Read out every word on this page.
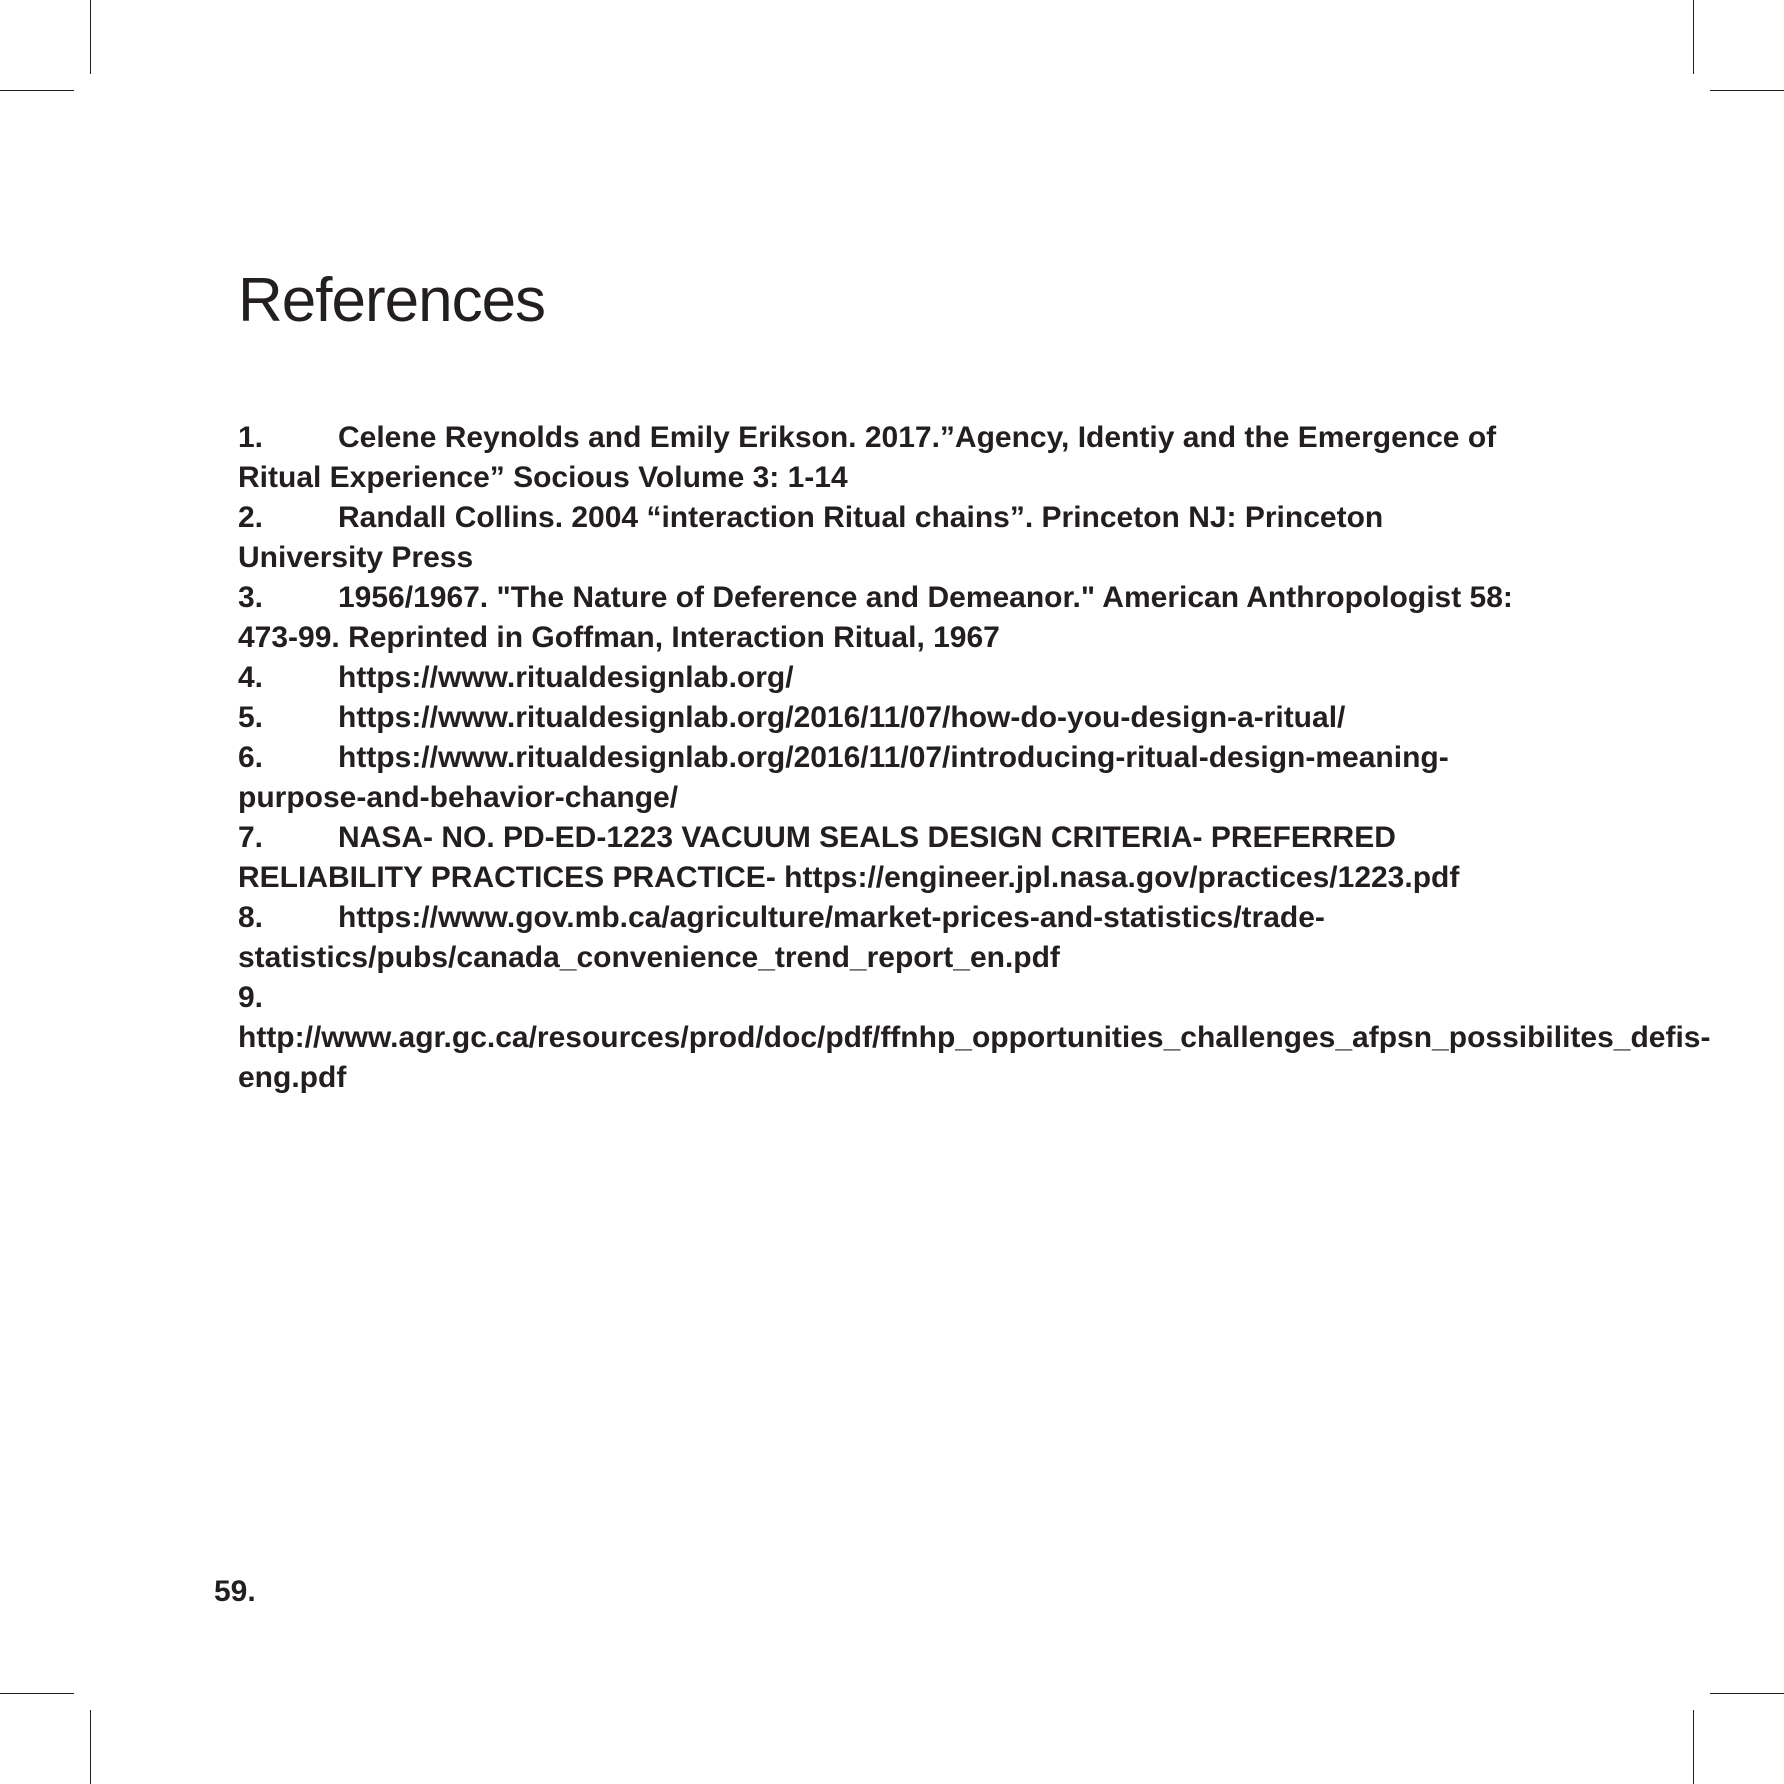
References
1. Celene Reynolds and Emily Erikson. 2017.”Agency, Identiy and the Emergence of Ritual Experience” Socious Volume 3: 1-14
2. Randall Collins. 2004 “interaction Ritual chains”. Princeton NJ: Princeton University Press
3. 1956/1967. "The Nature of Deference and Demeanor." American Anthropologist 58: 473-99. Reprinted in Goffman, Interaction Ritual, 1967
4. https://www.ritualdesignlab.org/
5. https://www.ritualdesignlab.org/2016/11/07/how-do-you-design-a-ritual/
6. https://www.ritualdesignlab.org/2016/11/07/introducing-ritual-design-meaning-purpose-and-behavior-change/
7. NASA- NO. PD-ED-1223 VACUUM SEALS DESIGN CRITERIA- PREFERRED RELIABILITY PRACTICES PRACTICE- https://engineer.jpl.nasa.gov/practices/1223.pdf
8. https://www.gov.mb.ca/agriculture/market-prices-and-statistics/trade-statistics/pubs/canada_convenience_trend_report_en.pdf
9.http://www.agr.gc.ca/resources/prod/doc/pdf/ffnhp_opportunities_challenges_afpsn_possibilites_defis-eng.pdf
59.
